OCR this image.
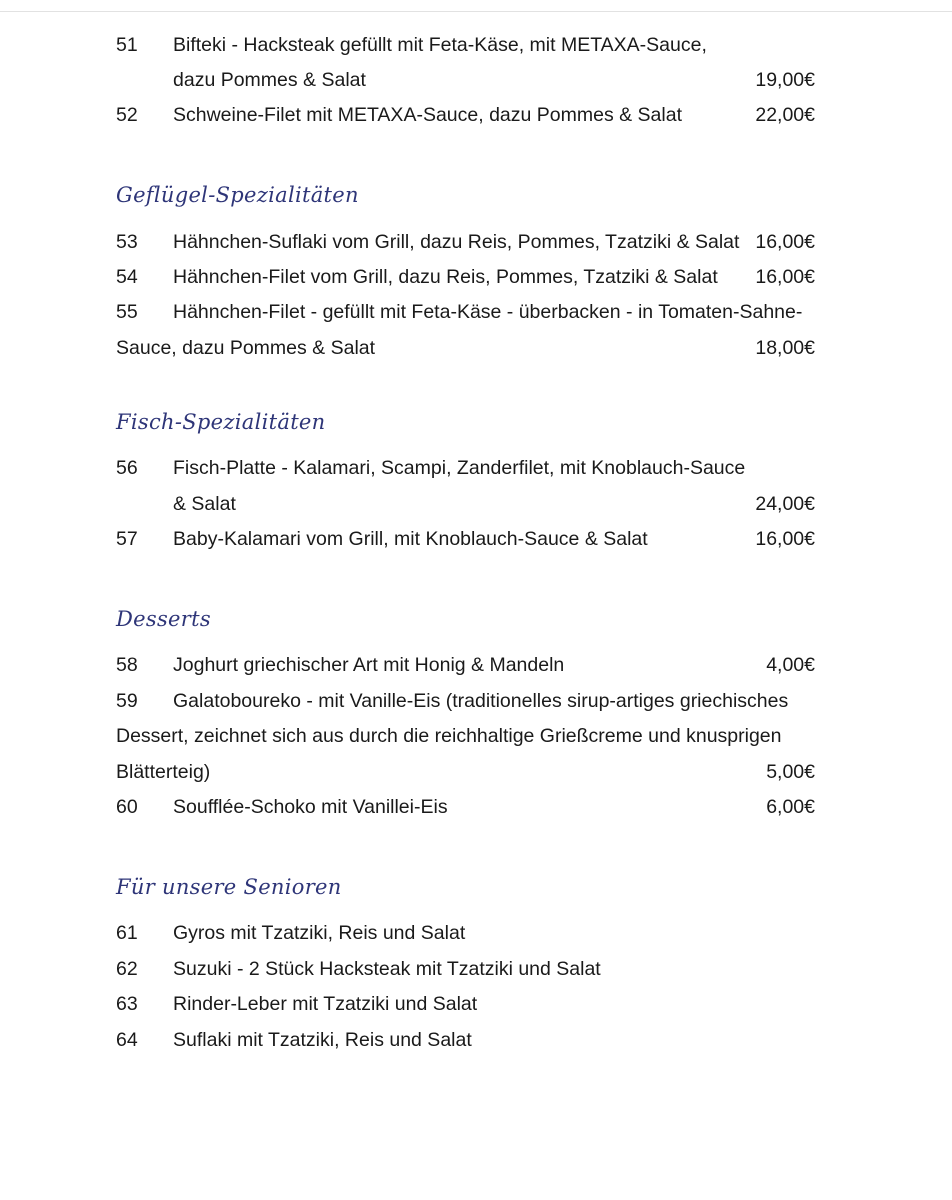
51 Bifteki - Hacksteak gefüllt mit Feta-Käse, mit METAXA-Sauce,
dazu Pommes & Salat	19,00€
52 Schweine-Filet mit METAXA-Sauce, dazu Pommes & Salat	22,00€
Geflügel-Spezialitäten
53 Hähnchen-Suflaki vom Grill, dazu Reis, Pommes, Tzatziki & Salat 16,00€
54 Hähnchen-Filet vom Grill, dazu Reis, Pommes, Tzatziki & Salat 16,00€
55 Hähnchen-Filet - gefüllt mit Feta-Käse - überbacken - in Tomaten-Sahne-
Sauce, dazu Pommes & Salat	18,00€
Fisch-Spezialitäten
56 Fisch-Platte - Kalamari, Scampi, Zanderfilet, mit Knoblauch-Sauce
& Salat	24,00€
57 Baby-Kalamari vom Grill, mit Knoblauch-Sauce & Salat	16,00€
Desserts
58 Joghurt griechischer Art mit Honig & Mandeln	4,00€
59 Galatoboureko - mit Vanille-Eis (traditionelles sirup-artiges griechisches
Dessert, zeichnet sich aus durch die reichhaltige Grießcreme und knusprigen
Blätterteig)	5,00€
60 Soufflée-Schoko mit Vanillei-Eis	6,00€
Für unsere Senioren
61 Gyros mit Tzatziki, Reis und Salat
62 Suzuki - 2 Stück Hacksteak mit Tzatziki und Salat
63 Rinder-Leber mit Tzatziki und Salat
64 Suflaki mit Tzatziki, Reis und Salat
